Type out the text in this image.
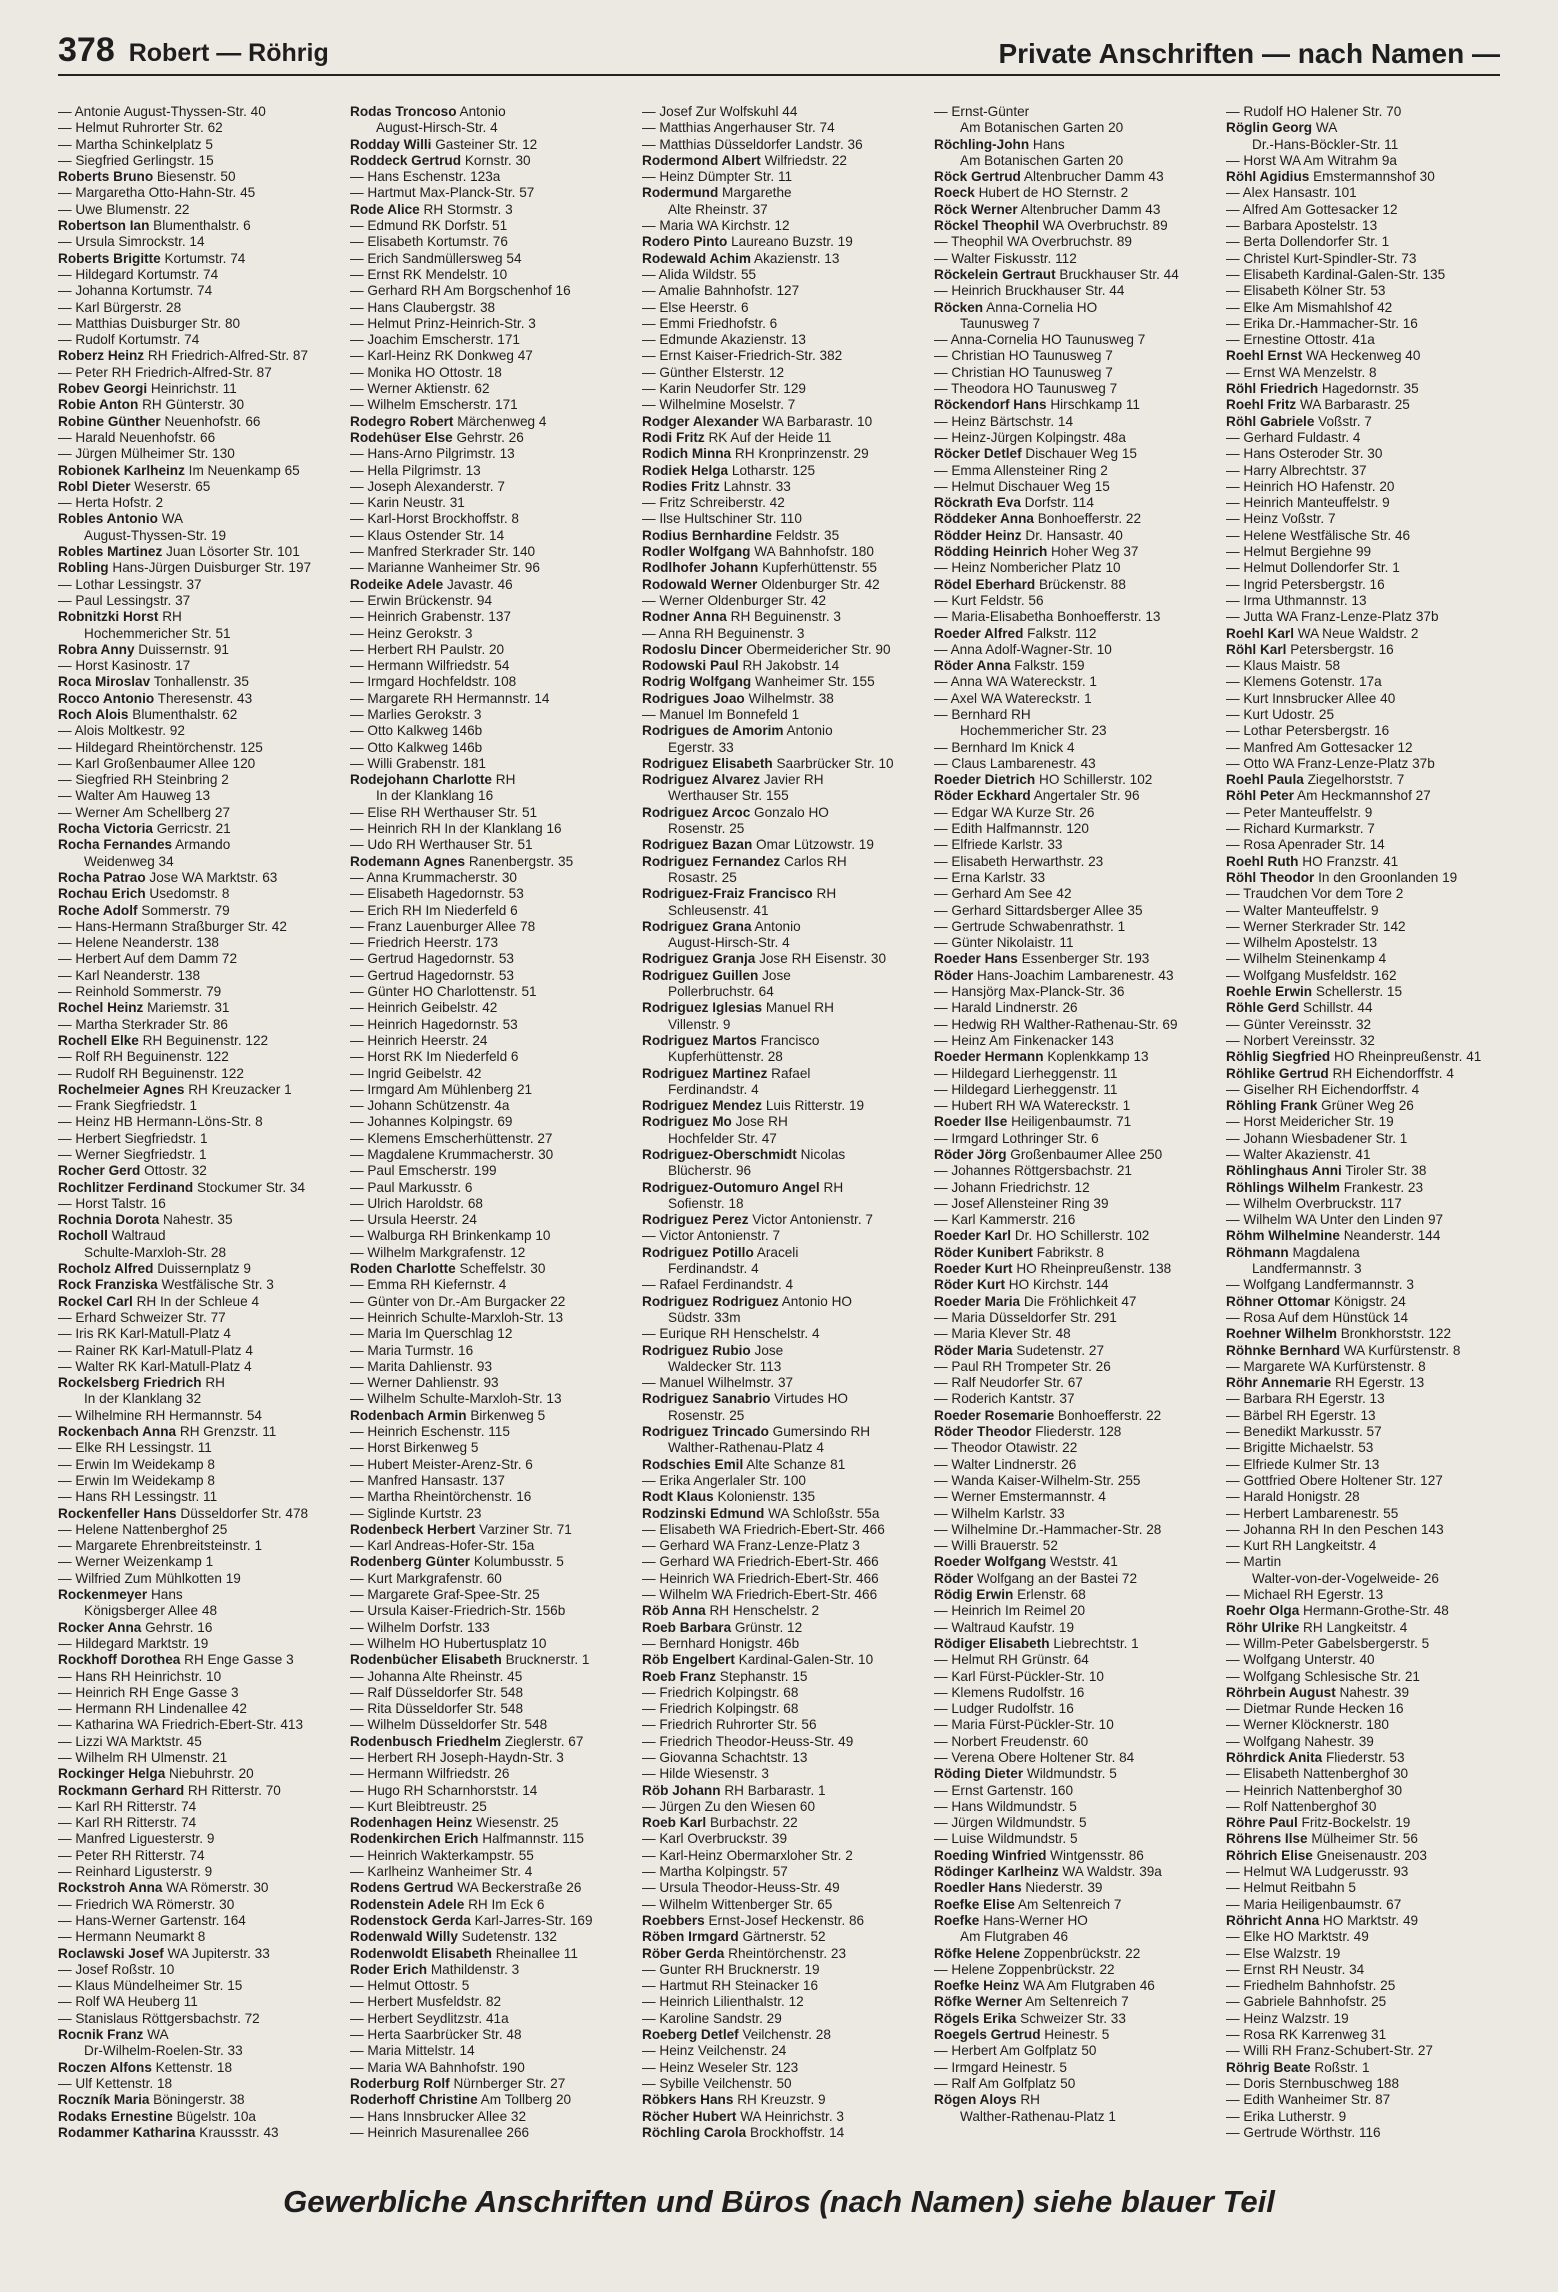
378 Robert — Röhrig	Private Anschriften — nach Namen —
— Antonie August-Thyssen-Str. 40
— Helmut Ruhrorter Str. 62
— Martha Schinkelplatz 5
— Siegfried Gerlingstr. 15
Roberts Bruno Biesenstr. 50
— Margaretha Otto-Hahn-Str. 45
— Uwe Blumenstr. 22
Robertson Ian Blumenthalstr. 6
— Ursula Simrockstr. 14
Roberts Brigitte Kortumstr. 74
— Hildegard Kortumstr. 74
— Johanna Kortumstr. 74
— Karl Bürgerstr. 28
— Matthias Duisburger Str. 80
— Rudolf Kortumstr. 74
Roberz Heinz RH Friedrich-Alfred-Str. 87
— Peter RH Friedrich-Alfred-Str. 87
Robev Georgi Heinrichstr. 11
Robie Anton RH Günterstr. 30
Robine Günther Neuenhofstr. 66
— Harald Neuenhofstr. 66
— Jürgen Mülheimer Str. 130
Robionek Karlheinz Im Neuenkamp 65
Robl Dieter Weserstr. 65
— Herta Hofstr. 2
Robles Antonio WA
August-Thyssen-Str. 19
Robles Martinez Juan Lösorter Str. 101
Robling Hans-Jürgen Duisburger Str. 197
— Lothar Lessingstr. 37
— Paul Lessingstr. 37
Robnitzki Horst RH
Hochemmericher Str. 51
Robra Anny Duissernstr. 91
— Horst Kasinostr. 17
Roca Miroslav Tonhallenstr. 35
Rocco Antonio Theresenstr. 43
Roch Alois Blumenthalstr. 62
— Alois Moltkestr. 92
— Hildegard Rheintörchenstr. 125
— Karl Großenbaumer Allee 120
— Siegfried RH Steinbring 2
— Walter Am Hauweg 13
— Werner Am Schellberg 27
Rocha Victoria Gerricstr. 21
Rocha Fernandes Armando
Weidenweg 34
Rocha Patrao Jose WA Marktstr. 63
Rochau Erich Usedomstr. 8
Roche Adolf Sommerstr. 79
— Hans-Hermann Straßburger Str. 42
— Helene Neanderstr. 138
— Herbert Auf dem Damm 72
— Karl Neanderstr. 138
— Reinhold Sommerstr. 79
Rochel Heinz Mariemstr. 31
— Martha Sterkrader Str. 86
Rochell Elke RH Beguinenstr. 122
— Rolf RH Beguinenstr. 122
— Rudolf RH Beguinenstr. 122
Rochelmeier Agnes RH Kreuzacker 1
— Frank Siegfriedstr. 1
— Heinz HB Hermann-Löns-Str. 8
— Herbert Siegfriedstr. 1
— Werner Siegfriedstr. 1
Rocher Gerd Ottostr. 32
Rochlitzer Ferdinand Stockumer Str. 34
— Horst Talstr. 16
Rochnia Dorota Nahestr. 35
Rocholl Waltraud
Schulte-Marxloh-Str. 28
Rocholz Alfred Duissernplatz 9
Rock Franziska Westfälische Str. 3
Rockel Carl RH In der Schleue 4
— Erhard Schweizer Str. 77
— Iris RK Karl-Matull-Platz 4
— Rainer RK Karl-Matull-Platz 4
— Walter RK Karl-Matull-Platz 4
Rockelsberg Friedrich RH
In der Klanklang 32
— Wilhelmine RH Hermannstr. 54
Rockenbach Anna RH Grenzstr. 11
— Elke RH Lessingstr. 11
— Erwin Im Weidekamp 8
— Erwin Im Weidekamp 8
— Hans RH Lessingstr. 11
Rockenfeller Hans Düsseldorfer Str. 478
— Helene Nattenberghof 25
— Margarete Ehrenbreitsteinstr. 1
— Werner Weizenkamp 1
— Wilfried Zum Mühlkotten 19
Rockenmeyer Hans
Königsberger Allee 48
Rocker Anna Gehrstr. 16
— Hildegard Marktstr. 19
Rockhoff Dorothea RH Enge Gasse 3
— Hans RH Heinrichstr. 10
— Heinrich RH Enge Gasse 3
— Hermann RH Lindenallee 42
— Katharina WA Friedrich-Ebert-Str. 413
— Lizzi WA Marktstr. 45
— Wilhelm RH Ulmenstr. 21
Rockinger Helga Niebuhrstr. 20
Rockmann Gerhard RH Ritterstr. 70
— Karl RH Ritterstr. 74
— Karl RH Ritterstr. 74
— Manfred Liguesterstr. 9
— Peter RH Ritterstr. 74
— Reinhard Ligusterstr. 9
Rockstroh Anna WA Römerstr. 30
— Friedrich WA Römerstr. 30
— Hans-Werner Gartenstr. 164
— Hermann Neumarkt 8
Roclawski Josef WA Jupiterstr. 33
— Josef Roßstr. 10
— Klaus Mündelheimer Str. 15
— Rolf WA Heuberg 11
— Stanislaus Röttgersbachstr. 72
Rocnik Franz WA
Dr-Wilhelm-Roelen-Str. 33
Roczen Alfons Kettenstr. 18
— Ulf Kettenstr. 18
Roczník Maria Böningerstr. 38
Rodaks Ernestine Bügelstr. 10a
Rodammer Katharina Kraussstr. 43
Rodas Troncoso Antonio
August-Hirsch-Str. 4
Rodday Willi Gasteiner Str. 12
Roddeck Gertrud Kornstr. 30
— Hans Eschenstr. 123a
— Hartmut Max-Planck-Str. 57
Rode Alice RH Stormstr. 3
— Edmund RK Dorfstr. 51
— Elisabeth Kortumstr. 76
— Erich Sandmüllersweg 54
— Ernst RK Mendelstr. 10
— Gerhard RH Am Borgschenhof 16
— Hans Claubergstr. 38
— Helmut Prinz-Heinrich-Str. 3
— Joachim Emscherstr. 171
— Karl-Heinz RK Donkweg 47
— Monika HO Ottostr. 18
— Werner Aktienstr. 62
— Wilhelm Emscherstr. 171
Rodegro Robert Märchenweg 4
Rodehüser Else Gehrstr. 26
— Hans-Arno Pilgrimstr. 13
— Hella Pilgrimstr. 13
— Joseph Alexanderstr. 7
— Karin Neustr. 31
— Karl-Horst Brockhoffstr. 8
— Klaus Ostender Str. 14
— Manfred Sterkrader Str. 140
— Marianne Wanheimer Str. 96
Rodeike Adele Javastr. 46
— Erwin Brückenstr. 94
— Heinrich Grabenstr. 137
— Heinz Gerokstr. 3
— Herbert RH Paulstr. 20
— Hermann Wilfriedstr. 54
— Irmgard Hochfeldstr. 108
— Margarete RH Hermannstr. 14
— Marlies Gerokstr. 3
— Otto Kalkweg 146b
— Otto Kalkweg 146b
— Willi Grabenstr. 181
Rodejohann Charlotte RH
In der Klanklang 16
— Elise RH Werthauser Str. 51
— Heinrich RH In der Klanklang 16
— Udo RH Werthauser Str. 51
Rodemann Agnes Ranenbergstr. 35
— Anna Krummacherstr. 30
— Elisabeth Hagedornstr. 53
— Erich RH Im Niederfeld 6
— Franz Lauenburger Allee 78
— Friedrich Heerstr. 173
— Gertrud Hagedornstr. 53
— Gertrud Hagedornstr. 53
— Günter HO Charlottenstr. 51
— Heinrich Geibelstr. 42
— Heinrich Hagedornstr. 53
— Heinrich Heerstr. 24
— Horst RK Im Niederfeld 6
— Ingrid Geibelstr. 42
— Irmgard Am Mühlenberg 21
— Johann Schützenstr. 4a
— Johannes Kolpingstr. 69
— Klemens Emscherhüttenstr. 27
— Magdalene Krummacherstr. 30
— Paul Emscherstr. 199
— Paul Markusstr. 6
— Ulrich Haroldstr. 68
— Ursula Heerstr. 24
— Walburga RH Brinkenkamp 10
— Wilhelm Markgrafenstr. 12
Roden Charlotte Scheffelstr. 30
— Emma RH Kiefernstr. 4
— Günter von Dr.-Am Burgacker 22
— Heinrich Schulte-Marxloh-Str. 13
— Maria Im Querschlag 12
— Maria Turmstr. 16
— Marita Dahlienstr. 93
— Werner Dahlienstr. 93
— Wilhelm Schulte-Marxloh-Str. 13
Rodenbach Armin Birkenweg 5
— Heinrich Eschenstr. 115
— Horst Birkenweg 5
— Hubert Meister-Arenz-Str. 6
— Manfred Hansastr. 137
— Martha Rheintörchenstr. 16
— Siglinde Kurtstr. 23
Rodenbeck Herbert Varziner Str. 71
— Karl Andreas-Hofer-Str. 15a
Rodenberg Günter Kolumbusstr. 5
— Kurt Markgrafenstr. 60
— Margarete Graf-Spee-Str. 25
— Ursula Kaiser-Friedrich-Str. 156b
— Wilhelm Dorfstr. 133
— Wilhelm HO Hubertusplatz 10
Rodenbücher Elisabeth Brucknerstr. 1
— Johanna Alte Rheinstr. 45
— Ralf Düsseldorfer Str. 548
— Rita Düsseldorfer Str. 548
— Wilhelm Düsseldorfer Str. 548
Rodenbusch Friedhelm Zieglerstr. 67
— Herbert RH Joseph-Haydn-Str. 3
— Hermann Wilfriedstr. 26
— Hugo RH Scharnhorststr. 14
— Kurt Bleibtreustr. 25
Rodenhagen Heinz Wiesenstr. 25
Rodenkirchen Erich Halfmannstr. 115
— Heinrich Wakterkampstr. 55
— Karlheinz Wanheimer Str. 4
Rodens Gertrud WA Beckerstraße 26
Rodenstein Adele RH Im Eck 6
Rodenstock Gerda Karl-Jarres-Str. 169
Rodenwald Willy Sudetenstr. 132
Rodenwoldt Elisabeth Rheinallee 11
Roder Erich Mathildenstr. 3
— Helmut Ottostr. 5
— Herbert Musfeldstr. 82
— Herbert Seydlitzstr. 41a
— Herta Saarbrücker Str. 48
— Maria Mittelstr. 14
— Maria WA Bahnhofstr. 190
Roderburg Rolf Nürnberger Str. 27
Roderhoff Christine Am Tollberg 20
— Hans Innsbrucker Allee 32
— Heinrich Masurenallee 266
— Josef Zur Wolfskuhl 44
— Matthias Angerhauser Str. 74
— Matthias Düsseldorfer Landstr. 36
Rodermond Albert Wilfriedstr. 22
— Heinz Dümpter Str. 11
Rodermund Margarethe
Alte Rheinstr. 37
— Maria WA Kirchstr. 12
Rodero Pinto Laureano Buzstr. 19
Rodewald Achim Akazienstr. 13
— Alida Wildstr. 55
— Amalie Bahnhofstr. 127
— Else Heerstr. 6
— Emmi Friedhofstr. 6
— Edmunde Akazienstr. 13
— Ernst Kaiser-Friedrich-Str. 382
— Günther Elsterstr. 12
— Karin Neudorfer Str. 129
— Wilhelmine Moselstr. 7
Rodger Alexander WA Barbarastr. 10
Rodi Fritz RK Auf der Heide 11
Rodich Minna RH Kronprinzenstr. 29
Rodiek Helga Lotharstr. 125
Rodies Fritz Lahnstr. 33
— Fritz Schreiberstr. 42
— Ilse Hultschiner Str. 110
Rodius Bernhardine Feldstr. 35
Rodler Wolfgang WA Bahnhofstr. 180
Rodlhofer Johann Kupferhüttenstr. 55
Rodowald Werner Oldenburger Str. 42
— Werner Oldenburger Str. 42
Rodner Anna RH Beguinenstr. 3
— Anna RH Beguinenstr. 3
Rodoslu Dincer Obermeidericher Str. 90
Rodowski Paul RH Jakobstr. 14
Rodrig Wolfgang Wanheimer Str. 155
Rodrigues Joao Wilhelmstr. 38
— Manuel Im Bonnefeld 1
Rodrigues de Amorim Antonio
Egerstr. 33
Rodriguez Elisabeth Saarbrücker Str. 10
Rodriguez Alvarez Javier RH
Werthauser Str. 155
Rodriguez Arcoc Gonzalo HO
Rosenstr. 25
Rodriguez Bazan Omar Lützowstr. 19
Rodriguez Fernandez Carlos RH
Rosastr. 25
Rodriguez-Fraiz Francisco RH
Schleusenstr. 41
Rodriguez Grana Antonio
August-Hirsch-Str. 4
Rodriguez Granja Jose RH Eisenstr. 30
Rodriguez Guillen Jose
Pollerbruchstr. 64
Rodriguez Iglesias Manuel RH
Villenstr. 9
Rodriguez Martos Francisco
Kupferhüttenstr. 28
Rodriguez Martinez Rafael
Ferdinandstr. 4
Rodriguez Mendez Luis Ritterstr. 19
Rodriguez Mo Jose RH
Hochfelder Str. 47
Rodriguez-Oberschmidt Nicolas
Blücherstr. 96
Rodriguez-Outomuro Angel RH
Sofienstr. 18
Rodriguez Perez Victor Antonienstr. 7
— Victor Antonienstr. 7
Rodriguez Potillo Araceli
Ferdinandstr. 4
— Rafael Ferdinandstr. 4
Rodriguez Rodriguez Antonio HO
Südstr. 33m
— Eurique RH Henschelstr. 4
Rodriguez Rubio Jose
Waldecker Str. 113
— Manuel Wilhelmstr. 37
Rodriguez Sanabrio Virtudes HO
Rosenstr. 25
Rodriguez Trincado Gumersindo RH
Walther-Rathenau-Platz 4
Rodschies Emil Alte Schanze 81
— Erika Angerlaler Str. 100
Rodt Klaus Kolonienstr. 135
Rodzinski Edmund WA Schloßstr. 55a
— Elisabeth WA Friedrich-Ebert-Str. 466
— Gerhard WA Franz-Lenze-Platz 3
— Gerhard WA Friedrich-Ebert-Str. 466
— Heinrich WA Friedrich-Ebert-Str. 466
— Wilhelm WA Friedrich-Ebert-Str. 466
Röb Anna RH Henschelstr. 2
Roeb Barbara Grünstr. 12
— Bernhard Honigstr. 46b
Röb Engelbert Kardinal-Galen-Str. 10
Roeb Franz Stephanstr. 15
— Friedrich Kolpingstr. 68
— Friedrich Kolpingstr. 68
— Friedrich Ruhrorter Str. 56
— Friedrich Theodor-Heuss-Str. 49
— Giovanna Schachtstr. 13
— Hilde Wiesenstr. 3
Röb Johann RH Barbarastr. 1
— Jürgen Zu den Wiesen 60
Roeb Karl Burbachstr. 22
— Karl Overbruckstr. 39
— Karl-Heinz Obermarxloher Str. 2
— Martha Kolpingstr. 57
— Ursula Theodor-Heuss-Str. 49
— Wilhelm Wittenberger Str. 65
Roebbers Ernst-Josef Heckenstr. 86
Röben Irmgard Gärtnerstr. 52
Röber Gerda Rheintörchenstr. 23
— Gunter RH Brucknerstr. 19
— Hartmut RH Steinacker 16
— Heinrich Lilienthalstr. 12
— Karoline Sandstr. 29
Roeberg Detlef Veilchenstr. 28
— Heinz Veilchenstr. 24
— Heinz Weseler Str. 123
— Sybille Veilchenstr. 50
Röbkers Hans RH Kreuzstr. 9
Röcher Hubert WA Heinrichstr. 3
Röchling Carola Brockhoffstr. 14
— Ernst-Günter
Am Botanischen Garten 20
Röchling-John Hans
Am Botanischen Garten 20
Röck Gertrud Altenbrucher Damm 43
Roeck Hubert de HO Sternstr. 2
Röck Werner Altenbrucher Damm 43
Röckel Theophil WA Overbruchstr. 89
— Theophil WA Overbruchstr. 89
— Walter Fiskusstr. 112
Röckelein Gertraut Bruckhauser Str. 44
— Heinrich Bruckhauser Str. 44
Röcken Anna-Cornelia HO
Taunusweg 7
— Anna-Cornelia HO Taunusweg 7
— Christian HO Taunusweg 7
— Christian HO Taunusweg 7
— Theodora HO Taunusweg 7
Röckendorf Hans Hirschkamp 11
— Heinz Bärtschstr. 14
— Heinz-Jürgen Kolpingstr. 48a
Röcker Detlef Dischauer Weg 15
— Emma Allensteiner Ring 2
— Helmut Dischauer Weg 15
Röckrath Eva Dorfstr. 114
Röddeker Anna Bonhoefferstr. 22
Rödder Heinz Dr. Hansastr. 40
Rödding Heinrich Hoher Weg 37
— Heinz Nombericher Platz 10
Rödel Eberhard Brückenstr. 88
— Kurt Feldstr. 56
— Maria-Elisabetha Bonhoefferstr. 13
Roeder Alfred Falkstr. 112
— Anna Adolf-Wagner-Str. 10
Röder Anna Falkstr. 159
— Anna WA Watereckstr. 1
— Axel WA Watereckstr. 1
— Bernhard RH
Hochemmericher Str. 23
— Bernhard Im Knick 4
— Claus Lambarenestr. 43
Roeder Dietrich HO Schillerstr. 102
Röder Eckhard Angertaler Str. 96
— Edgar WA Kurze Str. 26
— Edith Halfmannstr. 120
— Elfriede Karlstr. 33
— Elisabeth Herwarthstr. 23
— Erna Karlstr. 33
— Gerhard Am See 42
— Gerhard Sittardsberger Allee 35
— Gertrude Schwabenrathstr. 1
— Günter Nikolaistr. 11
Roeder Hans Essenberger Str. 193
Röder Hans-Joachim Lambarenestr. 43
— Hansjörg Max-Planck-Str. 36
— Harald Lindnerstr. 26
— Hedwig RH Walther-Rathenau-Str. 69
— Heinz Am Finkenacker 143
Roeder Hermann Koplenkkamp 13
— Hildegard Lierheggenstr. 11
— Hildegard Lierheggenstr. 11
— Hubert RH WA Watereckstr. 1
Roeder Ilse Heiligenbaumstr. 71
— Irmgard Lothringer Str. 6
Röder Jörg Großenbaumer Allee 250
— Johannes Röttgersbachstr. 21
— Johann Friedrichstr. 12
— Josef Allensteiner Ring 39
— Karl Kammerstr. 216
Roeder Karl Dr. HO Schillerstr. 102
Röder Kunibert Fabrikstr. 8
Roeder Kurt HO Rheinpreußenstr. 138
Röder Kurt HO Kirchstr. 144
Roeder Maria Die Fröhlichkeit 47
— Maria Düsseldorfer Str. 291
— Maria Klever Str. 48
Röder Maria Sudetenstr. 27
— Paul RH Trompeter Str. 26
— Ralf Neudorfer Str. 67
— Roderich Kantstr. 37
Roeder Rosemarie Bonhoefferstr. 22
Röder Theodor Fliederstr. 128
— Theodor Otawistr. 22
— Walter Lindnerstr. 26
— Wanda Kaiser-Wilhelm-Str. 255
— Werner Emstermannstr. 4
— Wilhelm Karlstr. 33
— Wilhelmine Dr.-Hammacher-Str. 28
— Willi Brauerstr. 52
Roeder Wolfgang Weststr. 41
Röder Wolfgang an der Bastei 72
Rödig Erwin Erlenstr. 68
— Heinrich Im Reimel 20
— Waltraud Kaufstr. 19
Rödiger Elisabeth Liebrechtstr. 1
— Helmut RH Grünstr. 64
— Karl Fürst-Pückler-Str. 10
— Klemens Rudolfstr. 16
— Ludger Rudolfstr. 16
— Maria Fürst-Pückler-Str. 10
— Norbert Freudenstr. 60
— Verena Obere Holtener Str. 84
Röding Dieter Wildmundstr. 5
— Ernst Gartenstr. 160
— Hans Wildmundstr. 5
— Jürgen Wildmundstr. 5
— Luise Wildmundstr. 5
Roeding Winfried Wintgensstr. 86
Rödinger Karlheinz WA Waldstr. 39a
Roedler Hans Niederstr. 39
Roefke Elise Am Seltenreich 7
Roefke Hans-Werner HO
Am Flutgraben 46
Röfke Helene Zoppenbrückstr. 22
— Helene Zoppenbrückstr. 22
Roefke Heinz WA Am Flutgraben 46
Röfke Werner Am Seltenreich 7
Rögels Erika Schweizer Str. 33
Roegels Gertrud Heinestr. 5
— Herbert Am Golfplatz 50
— Irmgard Heinestr. 5
— Ralf Am Golfplatz 50
Rögen Aloys RH
Walther-Rathenau-Platz 1
— Rudolf HO Halener Str. 70
Röglin Georg WA
Dr.-Hans-Böckler-Str. 11
— Horst WA Am Witrahm 9a
Röhl Agidius Emstermannshof 30
— Alex Hansastr. 101
— Alfred Am Gottesacker 12
— Barbara Apostelstr. 13
— Berta Dollendorfer Str. 1
— Christel Kurt-Spindler-Str. 73
— Elisabeth Kardinal-Galen-Str. 135
— Elisabeth Kölner Str. 53
— Elke Am Mismahlshof 42
— Erika Dr.-Hammacher-Str. 16
— Ernestine Ottostr. 41a
Roehl Ernst WA Heckenweg 40
— Ernst WA Menzelstr. 8
Röhl Friedrich Hagedornstr. 35
Roehl Fritz WA Barbarastr. 25
Röhl Gabriele Voßstr. 7
— Gerhard Fuldastr. 4
— Hans Osteroder Str. 30
— Harry Albrechtstr. 37
— Heinrich HO Hafenstr. 20
— Heinrich Manteuffelstr. 9
— Heinz Voßstr. 7
— Helene Westfälische Str. 46
— Helmut Bergiehne 99
— Helmut Dollendorfer Str. 1
— Ingrid Petersbergstr. 16
— Irma Uthmannstr. 13
— Jutta WA Franz-Lenze-Platz 37b
Roehl Karl WA Neue Waldstr. 2
Röhl Karl Petersbergstr. 16
— Klaus Maistr. 58
— Klemens Gotenstr. 17a
— Kurt Innsbrucker Allee 40
— Kurt Udostr. 25
— Lothar Petersbergstr. 16
— Manfred Am Gottesacker 12
— Otto WA Franz-Lenze-Platz 37b
Roehl Paula Ziegelhorststr. 7
Röhl Peter Am Heckmannshof 27
— Peter Manteuffelstr. 9
— Richard Kurmarkstr. 7
— Rosa Apenrader Str. 14
Roehl Ruth HO Franzstr. 41
Röhl Theodor In den Groonlanden 19
— Traudchen Vor dem Tore 2
— Walter Manteuffelstr. 9
— Werner Sterkrader Str. 142
— Wilhelm Apostelstr. 13
— Wilhelm Steinenkamp 4
— Wolfgang Musfeldstr. 162
Roehle Erwin Schellerstr. 15
Röhle Gerd Schillstr. 44
— Günter Vereinsstr. 32
— Norbert Vereinsstr. 32
Röhlig Siegfried HO Rheinpreußenstr. 41
Röhlike Gertrud RH Eichendorffstr. 4
— Giselher RH Eichendorffstr. 4
Röhling Frank Grüner Weg 26
— Horst Meidericher Str. 19
— Johann Wiesbadener Str. 1
— Walter Akazienstr. 41
Röhlinghaus Anni Tiroler Str. 38
Röhlings Wilhelm Frankestr. 23
— Wilhelm Overbruckstr. 117
— Wilhelm WA Unter den Linden 97
Röhm Wilhelmine Neanderstr. 144
Röhmann Magdalena
Landfermannstr. 3
— Wolfgang Landfermannstr. 3
Röhner Ottomar Königstr. 24
— Rosa Auf dem Hünstück 14
Roehner Wilhelm Bronkhorststr. 122
Röhnke Bernhard WA Kurfürstenstr. 8
— Margarete WA Kurfürstenstr. 8
Röhr Annemarie RH Egerstr. 13
— Barbara RH Egerstr. 13
— Bärbel RH Egerstr. 13
— Benedikt Markusstr. 57
— Brigitte Michaelstr. 53
— Elfriede Kulmer Str. 13
— Gottfried Obere Holtener Str. 127
— Harald Honigstr. 28
— Herbert Lambarenestr. 55
— Johanna RH In den Peschen 143
— Kurt RH Langkeitstr. 4
— Martin
Walter-von-der-Vogelweide- 26
— Michael RH Egerstr. 13
Roehr Olga Hermann-Grothe-Str. 48
Röhr Ulrike RH Langkeitstr. 4
— Willm-Peter Gabelsbergerstr. 5
— Wolfgang Unterstr. 40
— Wolfgang Schlesische Str. 21
Röhrbein August Nahestr. 39
— Dietmar Runde Hecken 16
— Werner Klöcknerstr. 180
— Wolfgang Nahestr. 39
Röhrdick Anita Fliederstr. 53
— Elisabeth Nattenberghof 30
— Heinrich Nattenberghof 30
— Rolf Nattenberghof 30
Röhre Paul Fritz-Bockelstr. 19
Röhrens Ilse Mülheimer Str. 56
Röhrich Elise Gneisenaustr. 203
— Helmut WA Ludgerusstr. 93
— Helmut Reitbahn 5
— Maria Heiligenbaumstr. 67
Röhricht Anna HO Marktstr. 49
— Elke HO Marktstr. 49
— Else Walzstr. 19
— Ernst RH Neustr. 34
— Friedhelm Bahnhofstr. 25
— Gabriele Bahnhofstr. 25
— Heinz Walzstr. 19
— Rosa RK Karrenweg 31
— Willi RH Franz-Schubert-Str. 27
Röhrig Beate Roßstr. 1
— Doris Sternbuschweg 188
— Edith Wanheimer Str. 87
— Erika Lutherstr. 9
— Gertrude Wörthstr. 116
Gewerbliche Anschriften und Büros (nach Namen) siehe blauer Teil
